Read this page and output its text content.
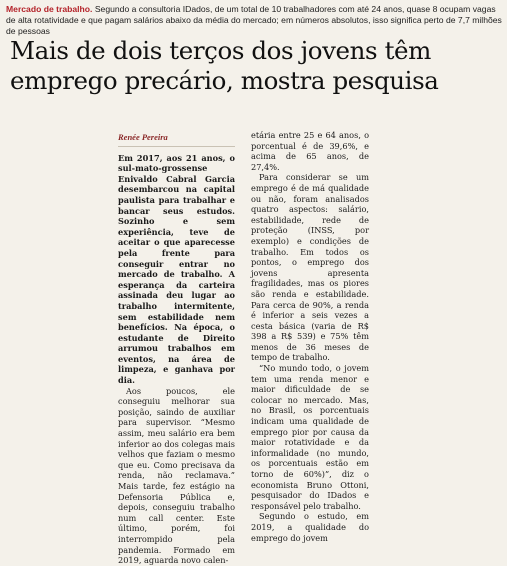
Mercado de trabalho. Segundo a consultoria IDados, de um total de 10 trabalhadores com até 24 anos, quase 8 ocupam vagas de alta rotatividade e que pagam salários abaixo da média do mercado; em números absolutos, isso significa perto de 7,7 milhões de pessoas
Mais de dois terços dos jovens têm emprego precário, mostra pesquisa
Renée Pereira

Em 2017, aos 21 anos, o sul-mato-grossense Enivaldo Cabral Garcia desembarcou na capital paulista para trabalhar e bancar seus estudos. Sozinho e sem experiência, teve de aceitar o que aparecesse pela frente para conseguir entrar no mercado de trabalho. A esperança da carteira assinada deu lugar ao trabalho intermitente, sem estabilidade nem benefícios. Na época, o estudante de Direito arrumou trabalhos em eventos, na área de limpeza, e ganhava por dia.

Aos poucos, ele conseguiu melhorar sua posição, saindo de auxiliar para supervisor. “Mesmo assim, meu salário era bem inferior ao dos colegas mais velhos que faziam o mesmo que eu. Como precisava da renda, não reclamava.” Mais tarde, fez estágio na Defensoria Pública e, depois, conseguiu trabalho num call center. Este último, porém, foi interrompido pela pandemia. Formado em 2019, aguarda novo calen-

etária entre 25 e 64 anos, o porcentual é de 39,6%, e acima de 65 anos, de 27,4%.

Para considerar se um emprego é de má qualidade ou não, foram analisados quatro aspectos: salário, estabilidade, rede de proteção (INSS, por exemplo) e condições de trabalho. Em todos os pontos, o emprego dos jovens apresenta fragilidades, mas os piores são renda e estabilidade. Para cerca de 90%, a renda é inferior a seis vezes a cesta básica (varia de R$ 398 a R$ 539) e 75% têm menos de 36 meses de tempo de trabalho.

“No mundo todo, o jovem tem uma renda menor e maior dificuldade de se colocar no mercado. Mas, no Brasil, os porcentuais indicam uma qualidade de emprego pior por causa da maior rotatividade e da informalidade (no mundo, os porcentuais estão em torno de 60%)”, diz o economista Bruno Ottoni, pesquisador do IDados e responsável pelo trabalho.

Segundo o estudo, em 2019, a qualidade do emprego do jovem
